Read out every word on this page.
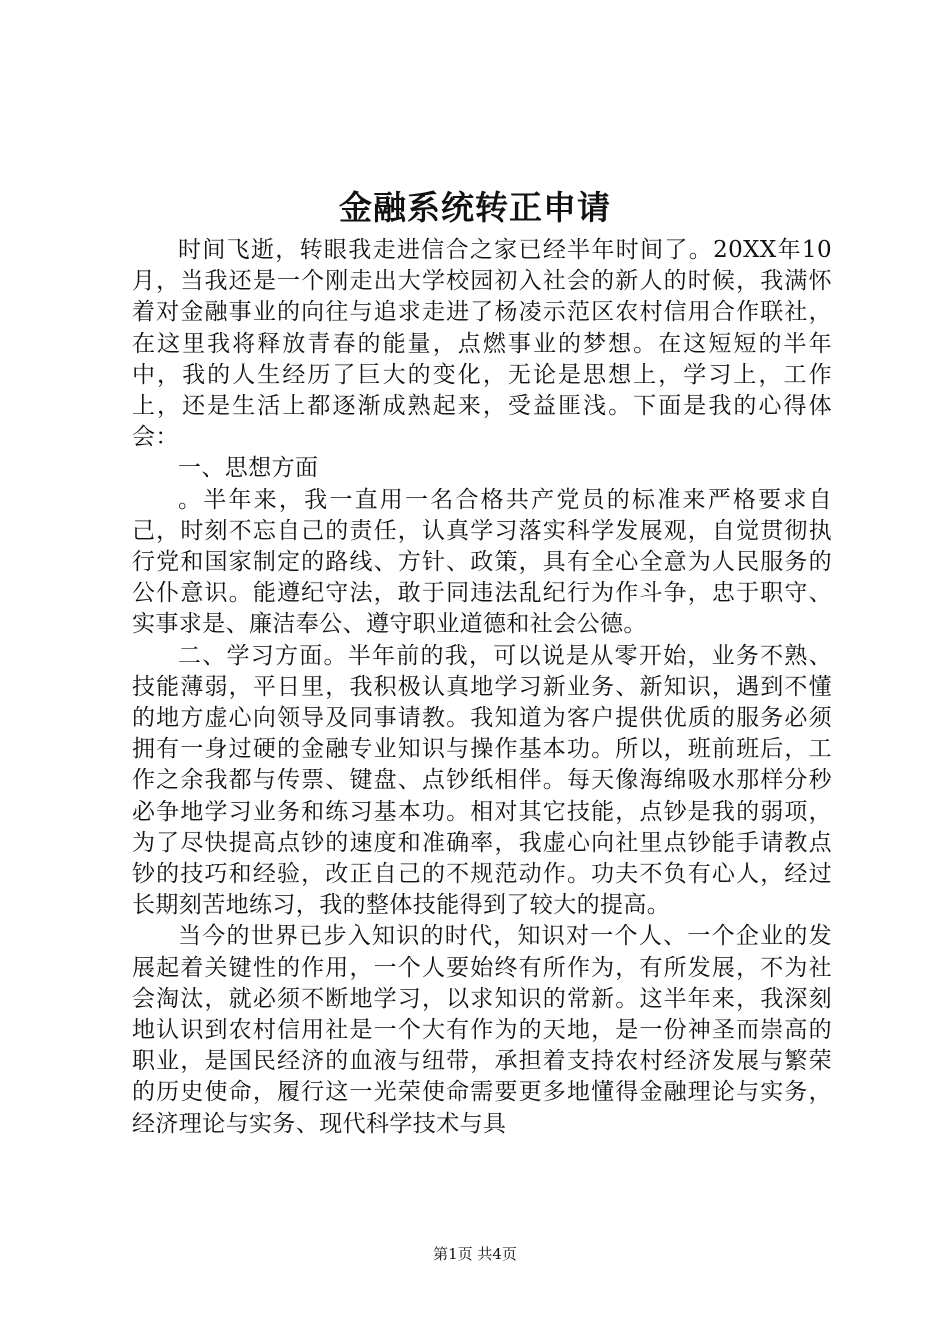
金融系统转正申请

时间飞逝，转眼我走进信合之家已经半年时间了。20XX年10月，当我还是一个刚走出大学校园初入社会的新人的时候，我满怀着对金融事业的向往与追求走进了杨凌示范区农村信用合作联社，在这里我将释放青春的能量，点燃事业的梦想。在这短短的半年中，我的人生经历了巨大的变化，无论是思想上，学习上，工作上，还是生活上都逐渐成熟起来，受益匪浅。下面是我的心得体会：

一、思想方面

。半年来，我一直用一名合格共产党员的标准来严格要求自己，时刻不忘自己的责任，认真学习落实科学发展观，自觉贯彻执行党和国家制定的路线、方针、政策，具有全心全意为人民服务的公仆意识。能遵纪守法，敢于同违法乱纪行为作斗争，忠于职守、实事求是、廉洁奉公、遵守职业道德和社会公德。

二、学习方面。半年前的我，可以说是从零开始，业务不熟、技能薄弱，平日里，我积极认真地学习新业务、新知识，遇到不懂的地方虚心向领导及同事请教。我知道为客户提供优质的服务必须拥有一身过硬的金融专业知识与操作基本功。所以，班前班后，工作之余我都与传票、键盘、点钞纸相伴。每天像海绵吸水那样分秒必争地学习业务和练习基本功。相对其它技能，点钞是我的弱项，为了尽快提高点钞的速度和准确率，我虚心向社里点钞能手请教点钞的技巧和经验，改正自己的不规范动作。功夫不负有心人，经过长期刻苦地练习，我的整体技能得到了较大的提高。

当今的世界已步入知识的时代，知识对一个人、一个企业的发展起着关键性的作用，一个人要始终有所作为，有所发展，不为社会淘汰，就必须不断地学习，以求知识的常新。这半年来，我深刻地认识到农村信用社是一个大有作为的天地，是一份神圣而崇高的职业，是国民经济的血液与纽带，承担着支持农村经济发展与繁荣的历史使命，履行这一光荣使命需要更多地懂得金融理论与实务，经济理论与实务、现代科学技术与具

第1页 共4页
